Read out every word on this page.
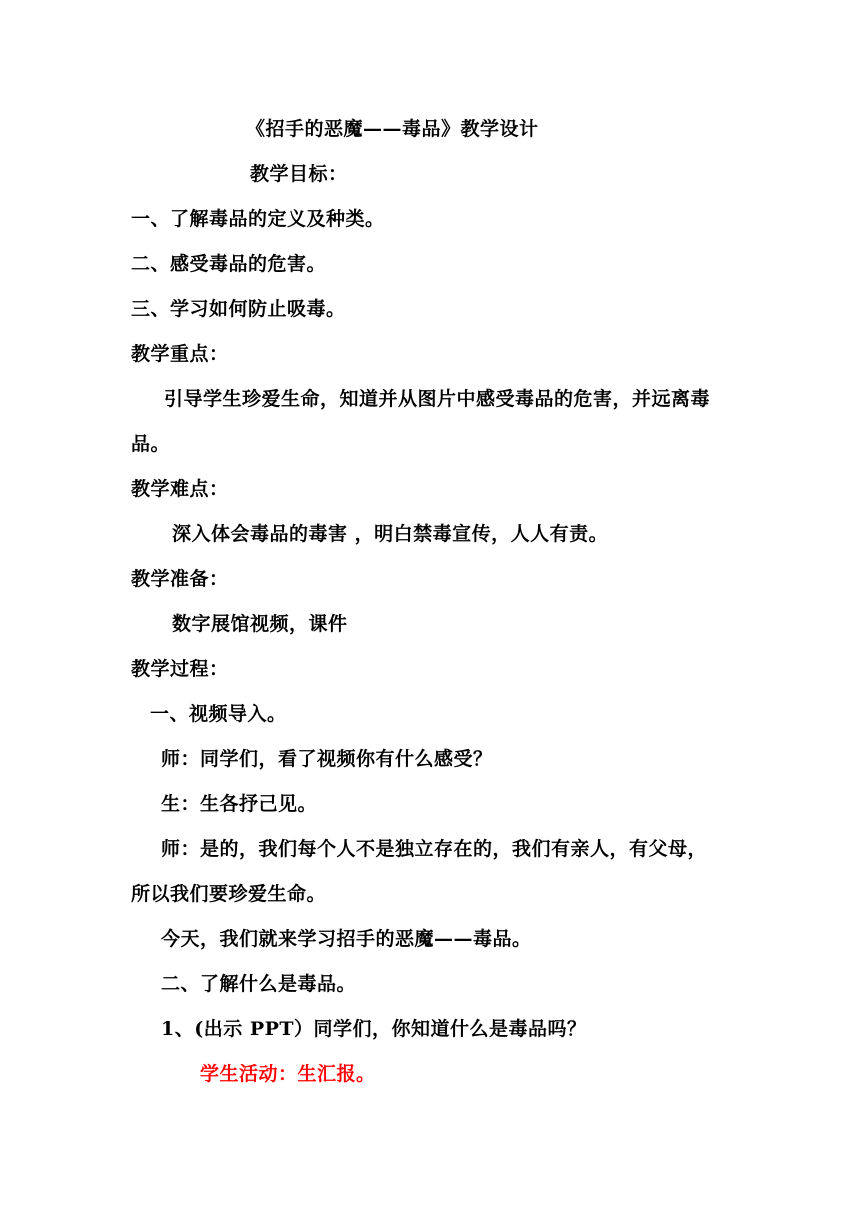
《招手的恶魔——毒品》教学设计
教学目标：
一、了解毒品的定义及种类。
二、感受毒品的危害。
三、学习如何防止吸毒。
教学重点：
引导学生珍爱生命，知道并从图片中感受毒品的危害，并远离毒
品。
教学难点：
深入体会毒品的毒害 ，明白禁毒宣传，人人有责。
教学准备：
数字展馆视频，课件
教学过程：
一、视频导入。
师：同学们，看了视频你有什么感受？
生：生各抒己见。
师：是的，我们每个人不是独立存在的，我们有亲人，有父母，
所以我们要珍爱生命。
今天，我们就来学习招手的恶魔——毒品。
二、了解什么是毒品。
1、(出示 PPT）同学们，你知道什么是毒品吗？
学生活动：生汇报。
